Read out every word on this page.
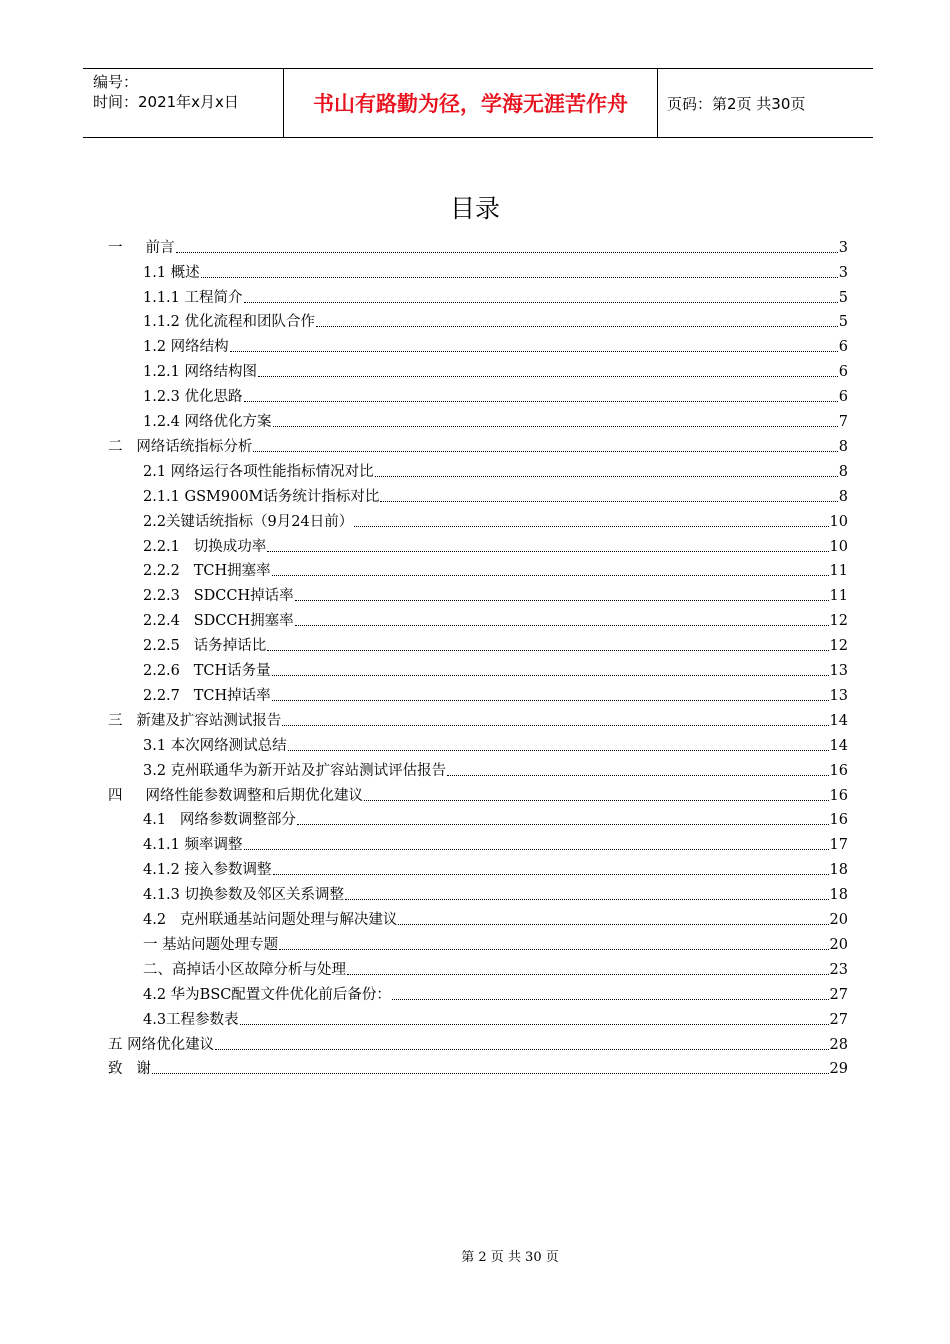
编号：
时间：2021年x月x日	书山有路勤为径，学海无涯苦作舟	页码：第2页 共30页
目录
一     前言	3
1.1 概述	3
1.1.1 工程简介	5
1.1.2 优化流程和团队合作	5
1.2 网络结构	6
1.2.1 网络结构图	6
1.2.3 优化思路	6
1.2.4 网络优化方案	7
二   网络话统指标分析	8
2.1 网络运行各项性能指标情况对比	8
2.1.1 GSM900M话务统计指标对比	8
2.2关键话统指标（9月24日前）	10
2.2.1   切换成功率	10
2.2.2   TCH拥塞率	11
2.2.3   SDCCH掉话率	11
2.2.4   SDCCH拥塞率	12
2.2.5   话务掉话比	12
2.2.6   TCH话务量	13
2.2.7   TCH掉话率	13
三   新建及扩容站测试报告	14
3.1 本次网络测试总结	14
3.2 克州联通华为新开站及扩容站测试评估报告	16
四     网络性能参数调整和后期优化建议	16
4.1   网络参数调整部分	16
4.1.1 频率调整	17
4.1.2 接入参数调整	18
4.1.3 切换参数及邻区关系调整	18
4.2   克州联通基站问题处理与解决建议	20
一 基站问题处理专题	20
二、高掉话小区故障分析与处理	23
4.2 华为BSC配置文件优化前后备份：	27
4.3工程参数表	27
五 网络优化建议	28
致   谢	29
第 2 页 共 30 页
